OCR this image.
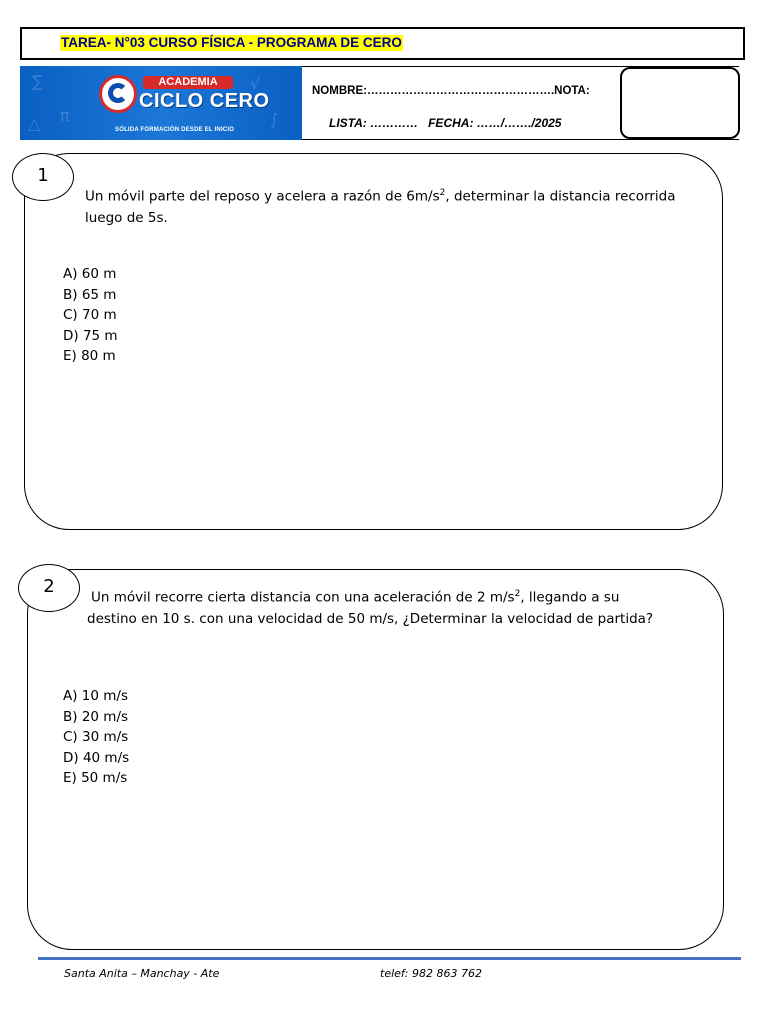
TAREA- N°03 CURSO FÍSICA - PROGRAMA DE CERO
∑
π
√
∫
△
ACADEMIA
CICLO CERO
SÓLIDA FORMACIÓN DESDE EL INICIO
NOMBRE:………………………………………….NOTA:
LISTA: …………   FECHA: ……/……./2025
1
Un móvil parte del reposo y acelera a razón de $6m/s^2$, determinar la distancia recorrida luego de 5s.
A) 60 m
B) 65 m
C) 70 m
D) 75 m
E) 80 m
2
Un móvil recorre cierta distancia con una aceleración de 2 $m/s^2$, llegando a su destino en 10 s. con una velocidad de 50 m/s, ¿Determinar la velocidad de partida?
A) 10 m/s
B) 20 m/s
C) 30 m/s
D) 40 m/s
E) 50 m/s
Santa Anita – Manchay - Ate	telef: 982 863 762
